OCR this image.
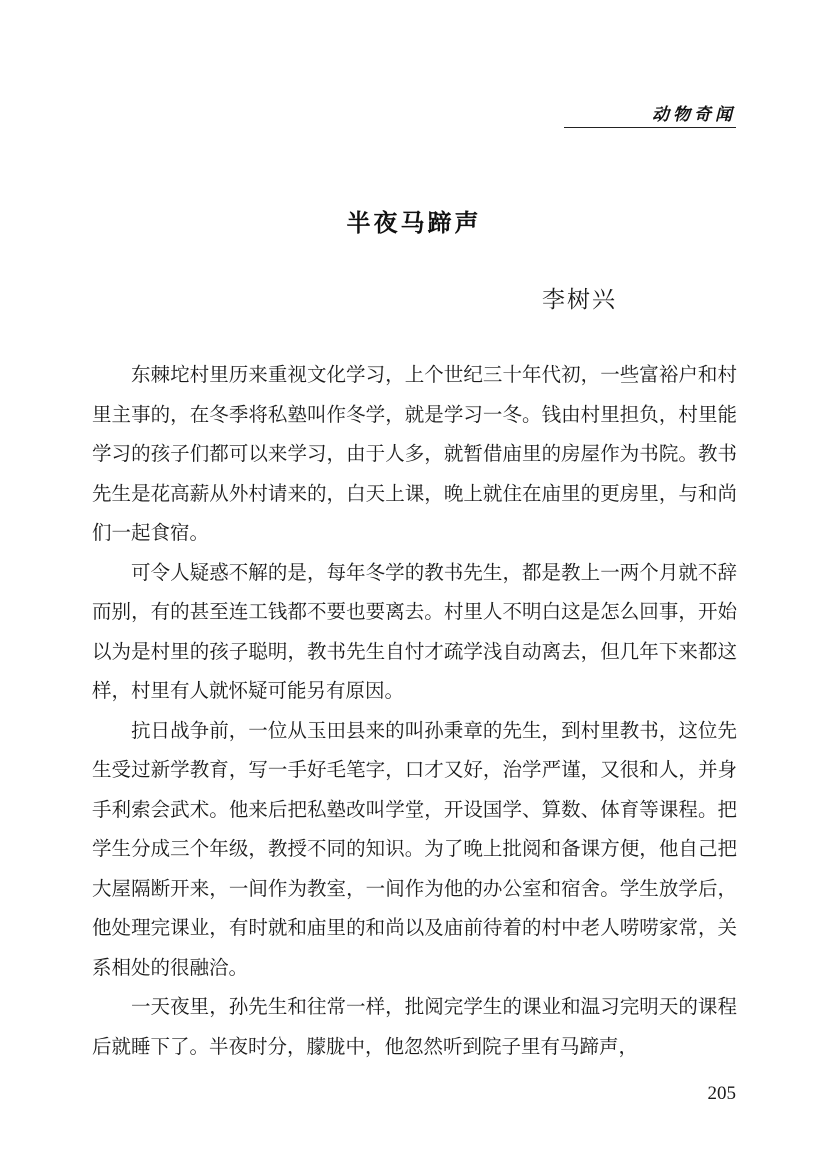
动物奇闻
半夜马蹄声
李树兴

东棘坨村里历来重视文化学习，上个世纪三十年代初，一些富裕户和村里主事的，在冬季将私塾叫作冬学，就是学习一冬。钱由村里担负，村里能学习的孩子们都可以来学习，由于人多，就暂借庙里的房屋作为书院。教书先生是花高薪从外村请来的，白天上课，晚上就住在庙里的更房里，与和尚们一起食宿。

可令人疑惑不解的是，每年冬学的教书先生，都是教上一两个月就不辞而别，有的甚至连工钱都不要也要离去。村里人不明白这是怎么回事，开始以为是村里的孩子聪明，教书先生自忖才疏学浅自动离去，但几年下来都这样，村里有人就怀疑可能另有原因。

抗日战争前，一位从玉田县来的叫孙秉章的先生，到村里教书，这位先生受过新学教育，写一手好毛笔字，口才又好，治学严谨，又很和人，并身手利索会武术。他来后把私塾改叫学堂，开设国学、算数、体育等课程。把学生分成三个年级，教授不同的知识。为了晚上批阅和备课方便，他自己把大屋隔断开来，一间作为教室，一间作为他的办公室和宿舍。学生放学后，他处理完课业，有时就和庙里的和尚以及庙前待着的村中老人唠唠家常，关系相处的很融洽。

一天夜里，孙先生和往常一样，批阅完学生的课业和温习完明天的课程后就睡下了。半夜时分，朦胧中，他忽然听到院子里有马蹄声，

205
